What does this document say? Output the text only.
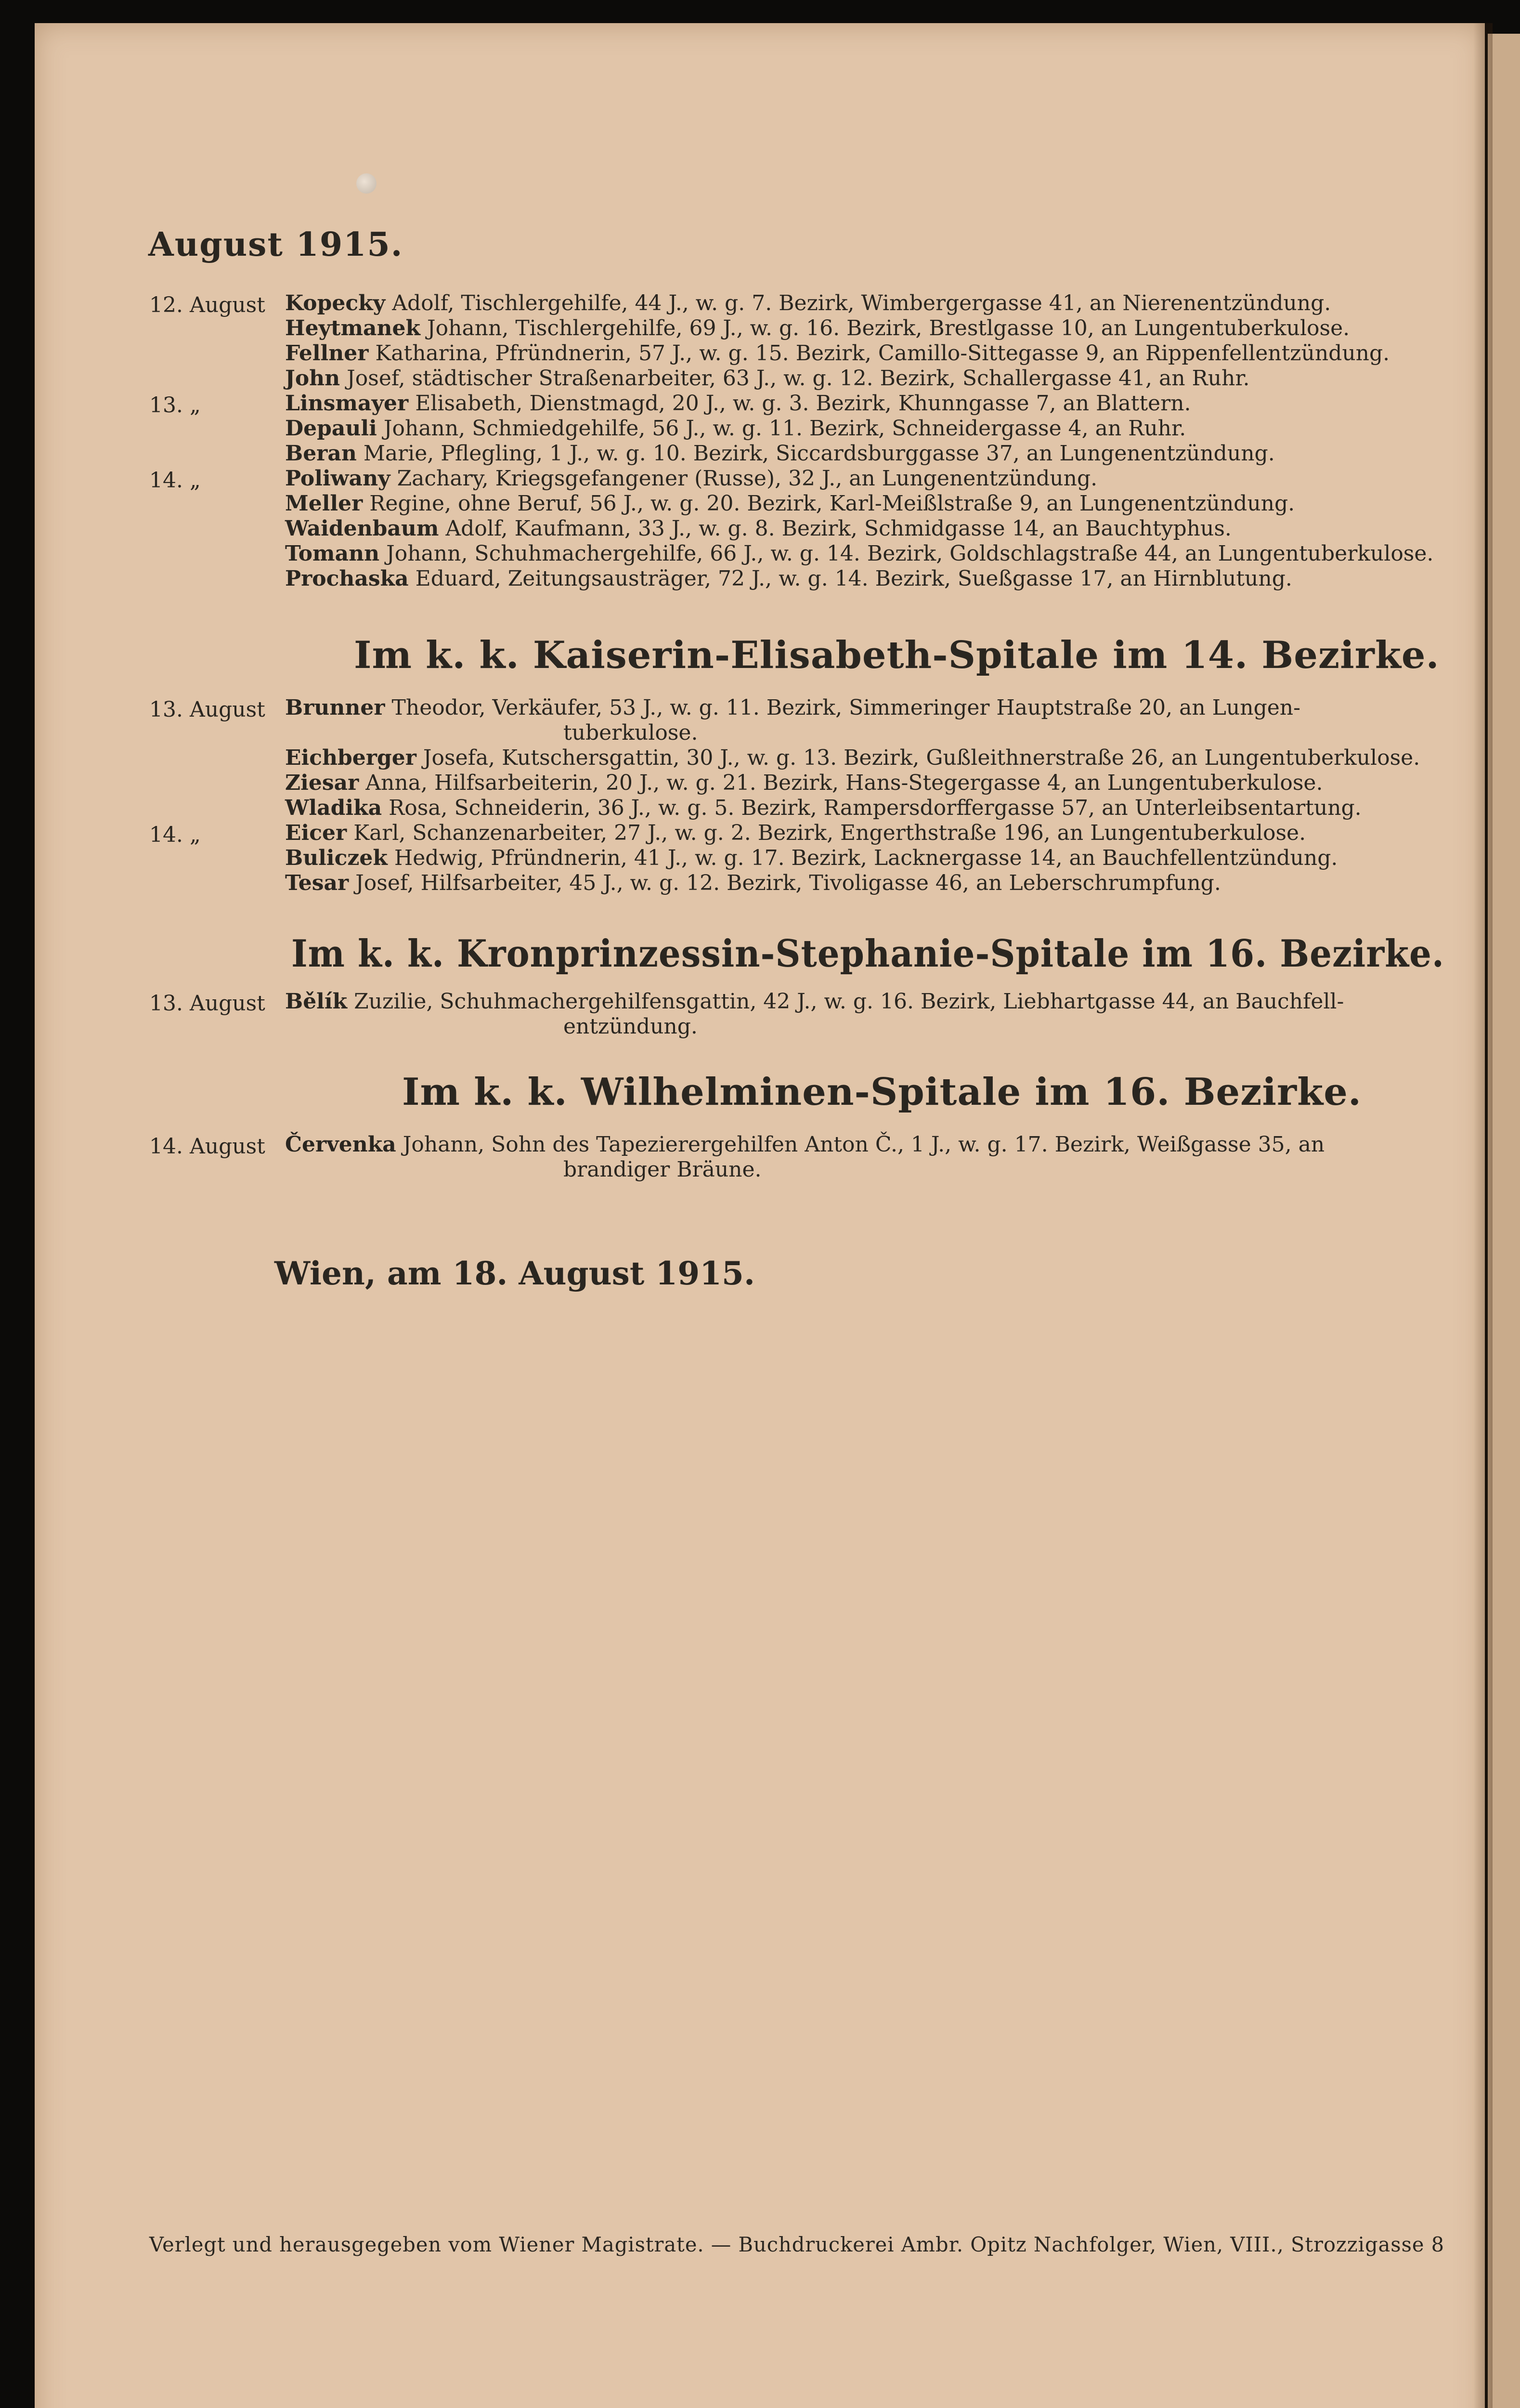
August 1915.
12. August Kopecky Adolf, Tischlergehilfe, 44 J., w. g. 7. Bezirk, Wimbergergasse 41, an Nierenentzündung.
Heytmanek Johann, Tischlergehilfe, 69 J., w. g. 16. Bezirk, Brestlgasse 10, an Lungentuberkulose.
Fellner Katharina, Pfründnerin, 57 J., w. g. 15. Bezirk, Camillo-Sittegasse 9, an Rippenfellentzündung.
John Josef, städtischer Straßenarbeiter, 63 J., w. g. 12. Bezirk, Schallergasse 41, an Ruhr.
13. „	Linsmayer Elisabeth, Dienstmagd, 20 J., w. g. 3. Bezirk, Khunngasse 7, an Blattern.
Depauli Johann, Schmiedgehilfe, 56 J., w. g. 11. Bezirk, Schneidergasse 4, an Ruhr.
Beran Marie, Pflegling, 1 J., w. g. 10. Bezirk, Siccardsburggasse 37, an Lungenentzündung.
14. „	Poliwany Zachary, Kriegsgefangener (Russe), 32 J., an Lungenentzündung.
Meller Regine, ohne Beruf, 56 J., w. g. 20. Bezirk, Karl-Meißlstraße 9, an Lungenentzündung.
Waidenbaum Adolf, Kaufmann, 33 J., w. g. 8. Bezirk, Schmidgasse 14, an Bauchtyphus.
Tomann Johann, Schuhmachergehilfe, 66 J., w. g. 14. Bezirk, Goldschlagstraße 44, an Lungentuberkulose.
Prochaska Eduard, Zeitungsausträger, 72 J., w. g. 14. Bezirk, Sueßgasse 17, an Hirnblutung.
Im k. k. Kaiserin-Elisabeth-Spitale im 14. Bezirke.
13. August Brunner Theodor, Verkäufer, 53 J., w. g. 11. Bezirk, Simmeringer Hauptstraße 20, an Lungen-
tuberkulose.
Eichberger Josefa, Kutschersgattin, 30 J., w. g. 13. Bezirk, Gußleithnerstraße 26, an Lungentuberkulose.
Ziesar Anna, Hilfsarbeiterin, 20 J., w. g. 21. Bezirk, Hans-Stegergasse 4, an Lungentuberkulose.
Wladika Rosa, Schneiderin, 36 J., w. g. 5. Bezirk, Rampersdorffergasse 57, an Unterleibsentartung.
14. „	Eicer Karl, Schanzenarbeiter, 27 J., w. g. 2. Bezirk, Engerthstraße 196, an Lungentuberkulose.
Buliczek Hedwig, Pfründnerin, 41 J., w. g. 17. Bezirk, Lacknergasse 14, an Bauchfellentzündung.
Tesar Josef, Hilfsarbeiter, 45 J., w. g. 12. Bezirk, Tivoligasse 46, an Leberschrumpfung.
Im k. k. Kronprinzessin-Stephanie-Spitale im 16. Bezirke.
13. August Bělík Zuzilie, Schuhmachergehilfensgattin, 42 J., w. g. 16. Bezirk, Liebhartgasse 44, an Bauchfell-
entzündung.
Im k. k. Wilhelminen-Spitale im 16. Bezirke.
14. August Červenka Johann, Sohn des Tapezierergehilfen Anton Č., 1 J., w. g. 17. Bezirk, Weißgasse 35, an
brandiger Bräune.
Wien, am 18. August 1915.
Verlegt und herausgegeben vom Wiener Magistrate. — Buchdruckerei Ambr. Opitz Nachfolger, Wien, VIII., Strozzigasse 8
